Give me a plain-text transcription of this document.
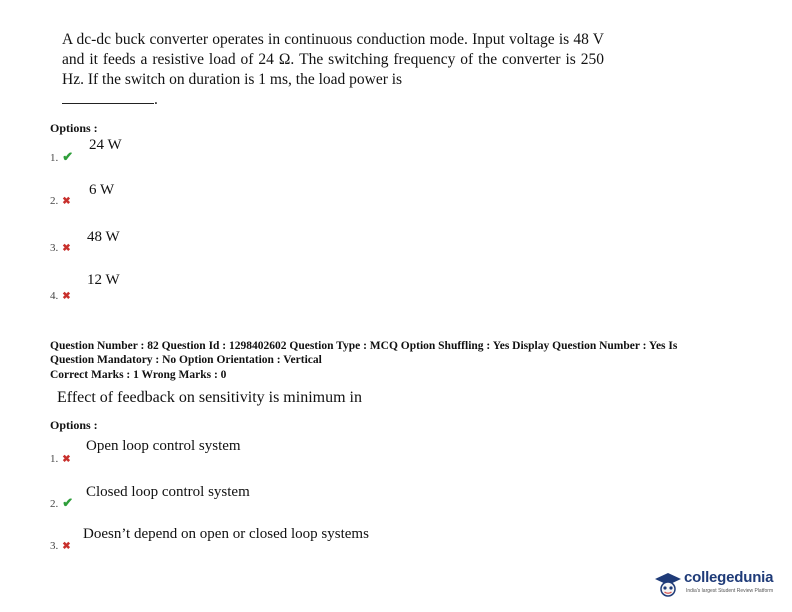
A dc-dc buck converter operates in continuous conduction mode. Input voltage is 48 V and it feeds a resistive load of 24 Ω. The switching frequency of the converter is 250 Hz. If the switch on duration is 1 ms, the load power is
.
Options :
1. ✔
24 W
2. ✖
6 W
3. ✖
48 W
4. ✖
12 W
Question Number : 82 Question Id : 1298402602 Question Type : MCQ Option Shuffling : Yes Display Question Number : Yes Is
Question Mandatory : No Option Orientation : Vertical
Correct Marks : 1 Wrong Marks : 0
Effect of feedback on sensitivity is minimum in
Options :
1. ✖
Open loop control system
2. ✔
Closed loop control system
3. ✖
Doesn’t depend on open or closed loop systems
collegedunia
India's largest Student Review Platform
